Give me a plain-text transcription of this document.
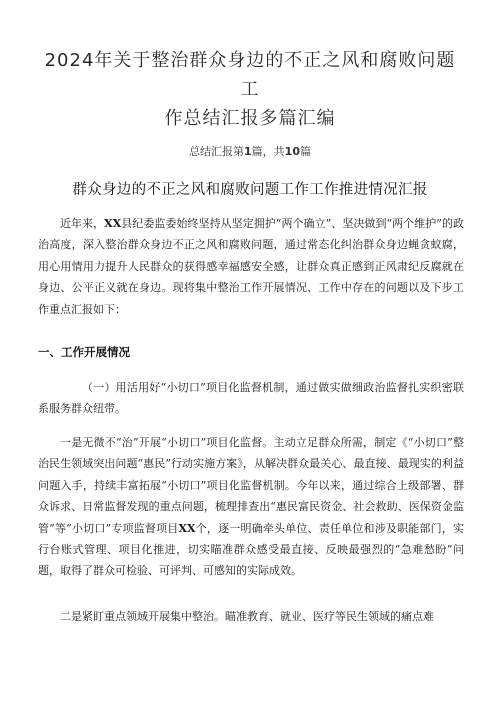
2024年关于整治群众身边的不正之风和腐败问题工
作总结汇报多篇汇编
总结汇报第1篇，共10篇
群众身边的不正之风和腐败问题工作工作推进情况汇报

近年来，XX县纪委监委始终坚持从坚定拥护“两个确立”、坚决做到“两个维护”的政治高度，深入整治群众身边不正之风和腐败问题，通过常态化纠治群众身边蝇贪蚁腐，用心用情用力提升人民群众的获得感幸福感安全感，让群众真正感到正风肃纪反腐就在身边、公平正义就在身边。现将集中整治工作开展情况、工作中存在的问题以及下步工作重点汇报如下：

一、工作开展情况

（一）用活用好“小切口”项目化监督机制，通过做实做细政治监督扎实织密联系服务群众纽带。

一是无微不“治”开展“小切口”项目化监督。主动立足群众所需，制定《“小切口”整治民生领域突出问题“惠民”行动实施方案》，从解决群众最关心、最直接、最现实的利益问题入手，持续丰富拓展“小切口”项目化监督机制。今年以来，通过综合上级部署、群众诉求、日常监督发现的重点问题，梳理排查出“惠民富民资金、社会救助、医保资金监管”等“小切口”专项监督项目XX个，逐一明确牵头单位、责任单位和涉及职能部门，实行台账式管理、项目化推进，切实瞄准群众感受最直接、反映最强烈的“急难愁盼”问题，取得了群众可检验、可评判、可感知的实际成效。

二是紧盯重点领域开展集中整治。瞄准教育、就业、医疗等民生领域的痛点难
